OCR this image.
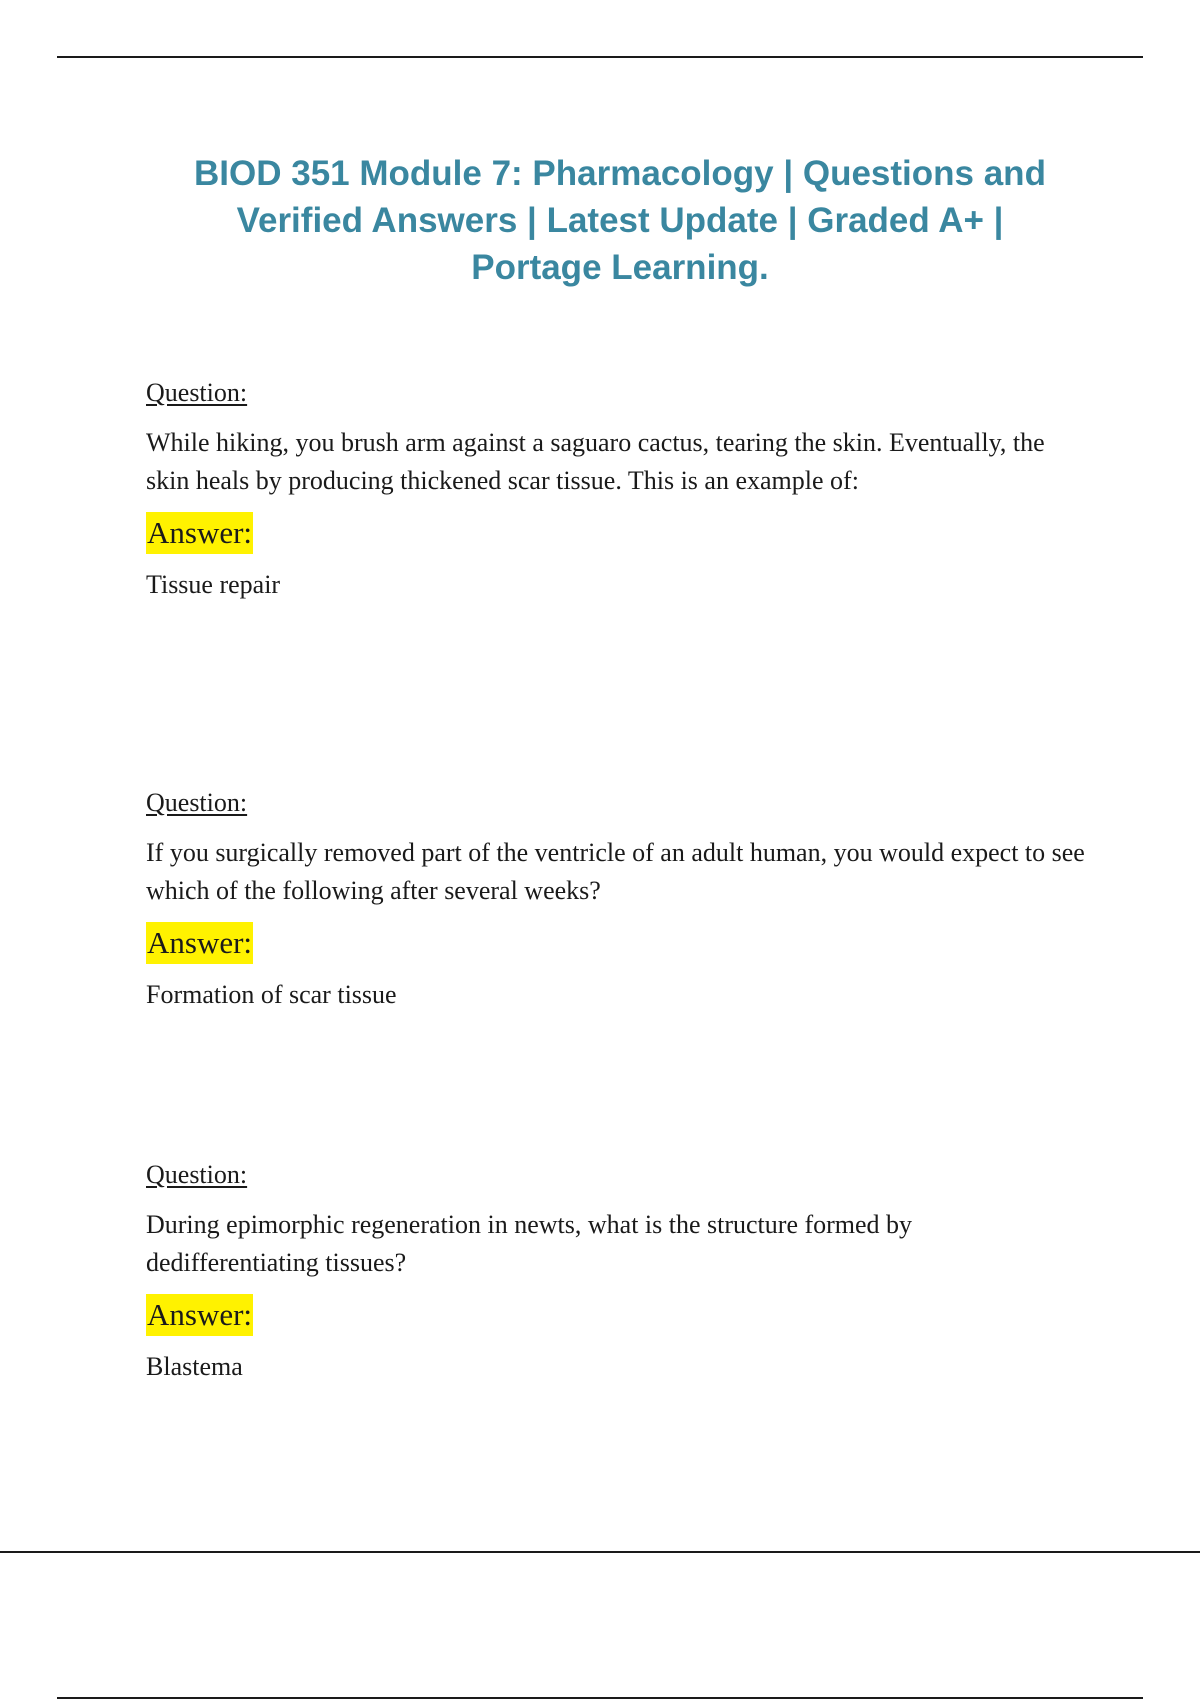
BIOD 351 Module 7: Pharmacology | Questions and Verified Answers | Latest Update | Graded A+ | Portage Learning.
Question:
While hiking, you brush arm against a saguaro cactus, tearing the skin. Eventually, the skin heals by producing thickened scar tissue. This is an example of:
Answer:
Tissue repair
Question:
If you surgically removed part of the ventricle of an adult human, you would expect to see which of the following after several weeks?
Answer:
Formation of scar tissue
Question:
During epimorphic regeneration in newts, what is the structure formed by dedifferentiating tissues?
Answer:
Blastema
